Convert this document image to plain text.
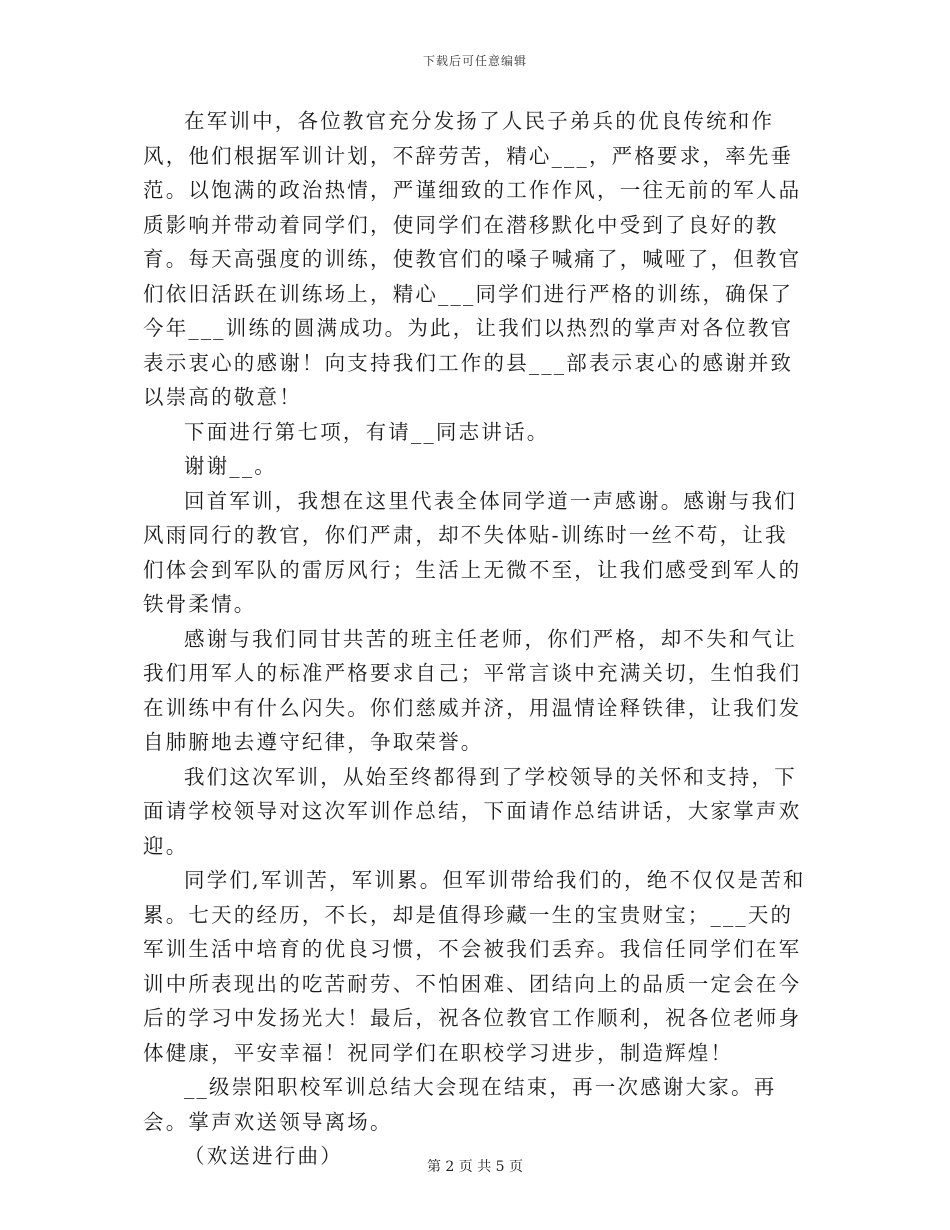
下载后可任意编辑

在军训中，各位教官充分发扬了人民子弟兵的优良传统和作风，他们根据军训计划，不辞劳苦，精心___，严格要求，率先垂范。以饱满的政治热情，严谨细致的工作作风，一往无前的军人品质影响并带动着同学们，使同学们在潜移默化中受到了良好的教育。每天高强度的训练，使教官们的嗓子喊痛了，喊哑了，但教官们依旧活跃在训练场上，精心___同学们进行严格的训练，确保了今年___训练的圆满成功。为此，让我们以热烈的掌声对各位教官表示衷心的感谢！向支持我们工作的县___部表示衷心的感谢并致以崇高的敬意！

下面进行第七项，有请__同志讲话。

谢谢__。

回首军训，我想在这里代表全体同学道一声感谢。感谢与我们风雨同行的教官，你们严肃，却不失体贴-训练时一丝不苟，让我们体会到军队的雷厉风行；生活上无微不至，让我们感受到军人的铁骨柔情。

感谢与我们同甘共苦的班主任老师，你们严格，却不失和气让我们用军人的标准严格要求自己；平常言谈中充满关切，生怕我们在训练中有什么闪失。你们慈威并济，用温情诠释铁律，让我们发自肺腑地去遵守纪律，争取荣誉。

我们这次军训，从始至终都得到了学校领导的关怀和支持，下面请学校领导对这次军训作总结，下面请作总结讲话，大家掌声欢迎。

同学们,军训苦，军训累。但军训带给我们的，绝不仅仅是苦和累。七天的经历，不长，却是值得珍藏一生的宝贵财宝；___天的军训生活中培育的优良习惯，不会被我们丢弃。我信任同学们在军训中所表现出的吃苦耐劳、不怕困难、团结向上的品质一定会在今后的学习中发扬光大！最后，祝各位教官工作顺利，祝各位老师身体健康，平安幸福！祝同学们在职校学习进步，制造辉煌！

__级崇阳职校军训总结大会现在结束，再一次感谢大家。再会。掌声欢送领导离场。

（欢送进行曲）	第 2 页 共 5 页
